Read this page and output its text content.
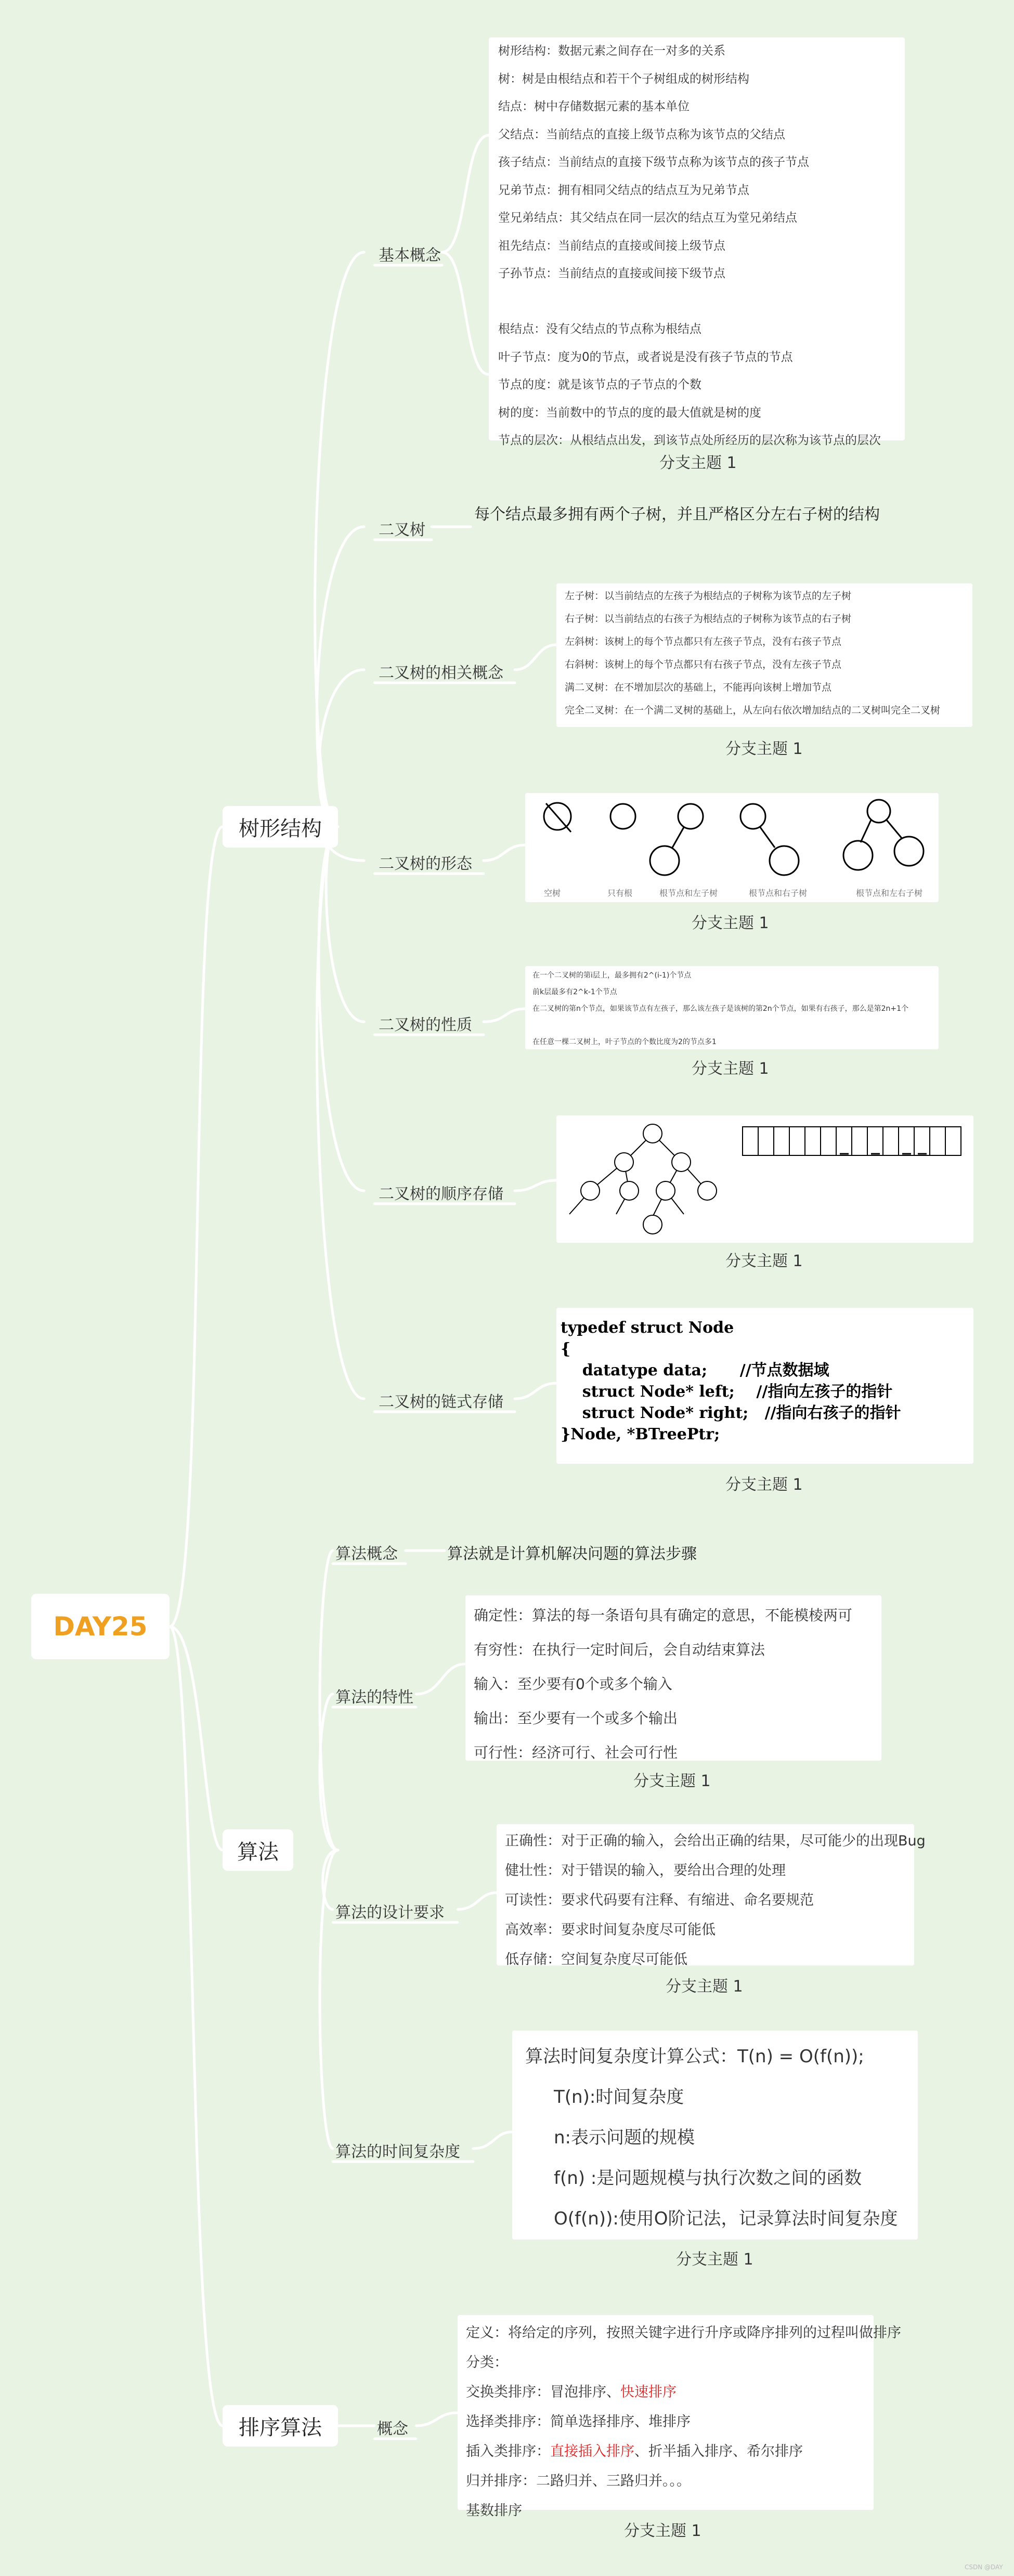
DAY25
树形结构
算法
排序算法
基本概念
树形结构：数据元素之间存在一对多的关系
树：树是由根结点和若干个子树组成的树形结构
结点：树中存储数据元素的基本单位
父结点：当前结点的直接上级节点称为该节点的父结点
孩子结点：当前结点的直接下级节点称为该节点的孩子节点
兄弟节点：拥有相同父结点的结点互为兄弟节点
堂兄弟结点：其父结点在同一层次的结点互为堂兄弟结点
祖先结点：当前结点的直接或间接上级节点
子孙节点：当前结点的直接或间接下级节点

根结点：没有父结点的节点称为根结点
叶子节点：度为0的节点，或者说是没有孩子节点的节点
节点的度：就是该节点的子节点的个数
树的度：当前数中的节点的度的最大值就是树的度
节点的层次：从根结点出发，到该节点处所经历的层次称为该节点的层次
分支主题 1
二叉树
每个结点最多拥有两个子树，并且严格区分左右子树的结构
二叉树的相关概念
左子树：以当前结点的左孩子为根结点的子树称为该节点的左子树
右子树：以当前结点的右孩子为根结点的子树称为该节点的右子树
左斜树：该树上的每个节点都只有左孩子节点，没有右孩子节点
右斜树：该树上的每个节点都只有右孩子节点，没有左孩子节点
满二叉树：在不增加层次的基础上，不能再向该树上增加节点
完全二叉树：在一个满二叉树的基础上，从左向右依次增加结点的二叉树叫完全二叉树
分支主题 1
二叉树的形态
空树	只有根	根节点和左子树	根节点和右子树	根节点和左右子树
分支主题 1
二叉树的性质
在一个二叉树的第i层上，最多拥有2^(i-1)个节点
前k层最多有2^k-1个节点
在二叉树的第n个节点，如果该节点有左孩子，那么该左孩子是该树的第2n个节点，如果有右孩子，那么是第2n+1个

在任意一棵二叉树上，叶子节点的个数比度为2的节点多1
分支主题 1
二叉树的顺序存储
分支主题 1
二叉树的链式存储
typedef struct Node
{
datatype data;      //节点数据域
struct Node* left;    //指向左孩子的指针
struct Node* right;   //指向右孩子的指针
}Node, *BTreePtr;
分支主题 1
算法概念	算法就是计算机解决问题的算法步骤
算法的特性
确定性：算法的每一条语句具有确定的意思，不能模棱两可
有穷性：在执行一定时间后，会自动结束算法
输入：至少要有0个或多个输入
输出：至少要有一个或多个输出
可行性：经济可行、社会可行性
分支主题 1
算法的设计要求
正确性：对于正确的输入，会给出正确的结果，尽可能少的出现Bug
健壮性：对于错误的输入，要给出合理的处理
可读性：要求代码要有注释、有缩进、命名要规范
高效率：要求时间复杂度尽可能低
低存储：空间复杂度尽可能低
分支主题 1
算法的时间复杂度
算法时间复杂度计算公式：T(n) = O(f(n));
T(n):时间复杂度
n:表示问题的规模
f(n) :是问题规模与执行次数之间的函数
O(f(n)):使用O阶记法，记录算法时间复杂度
分支主题 1
概念
定义：将给定的序列，按照关键字进行升序或降序排列的过程叫做排序
分类：
交换类排序：冒泡排序、快速排序
选择类排序：简单选择排序、堆排序
插入类排序：直接插入排序、折半插入排序、希尔排序
归并排序：二路归并、三路归并。。。
基数排序
分支主题 1
CSDN @DAY
